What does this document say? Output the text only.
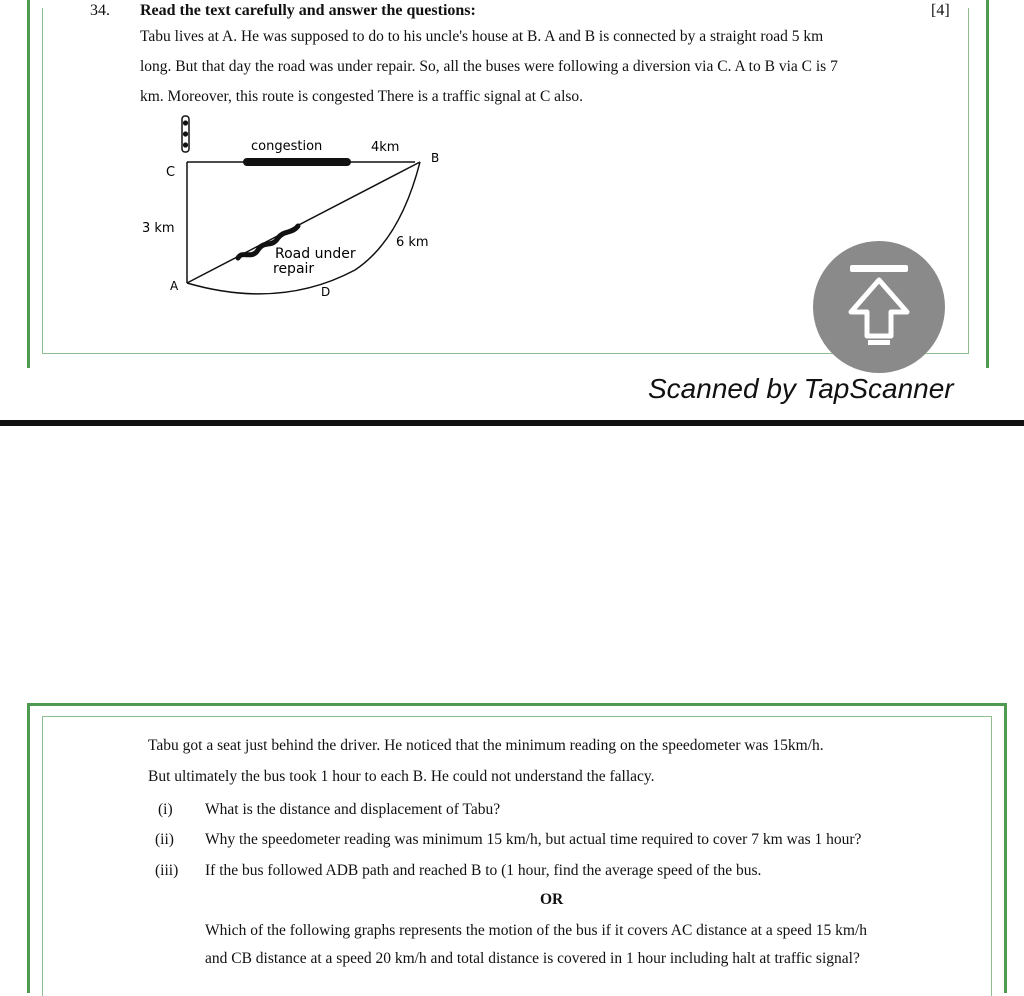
34. Read the text carefully and answer the questions:	[4]

Tabu lives at A. He was supposed to do to his uncle's house at B. A and B is connected by a straight road 5 km

long. But that day the road was under repair. So, all the buses were following a diversion via C. A to B via C is 7

km. Moreover, this route is congested There is a traffic signal at C also.

C
B
A	D
congestion	4km
3 km
6 km
Road under
repair
Scanned by TapScanner
Tabu got a seat just behind the driver. He noticed that the minimum reading on the speedometer was 15km/h.
But ultimately the bus took 1 hour to each B. He could not understand the fallacy.
(i) What is the distance and displacement of Tabu?
(ii) Why the speedometer reading was minimum 15 km/h, but actual time required to cover 7 km was 1 hour?
(iii) If the bus followed ADB path and reached B to (1 hour, find the average speed of the bus.
OR
Which of the following graphs represents the motion of the bus if it covers AC distance at a speed 15 km/h
and CB distance at a speed 20 km/h and total distance is covered in 1 hour including halt at traffic signal?
